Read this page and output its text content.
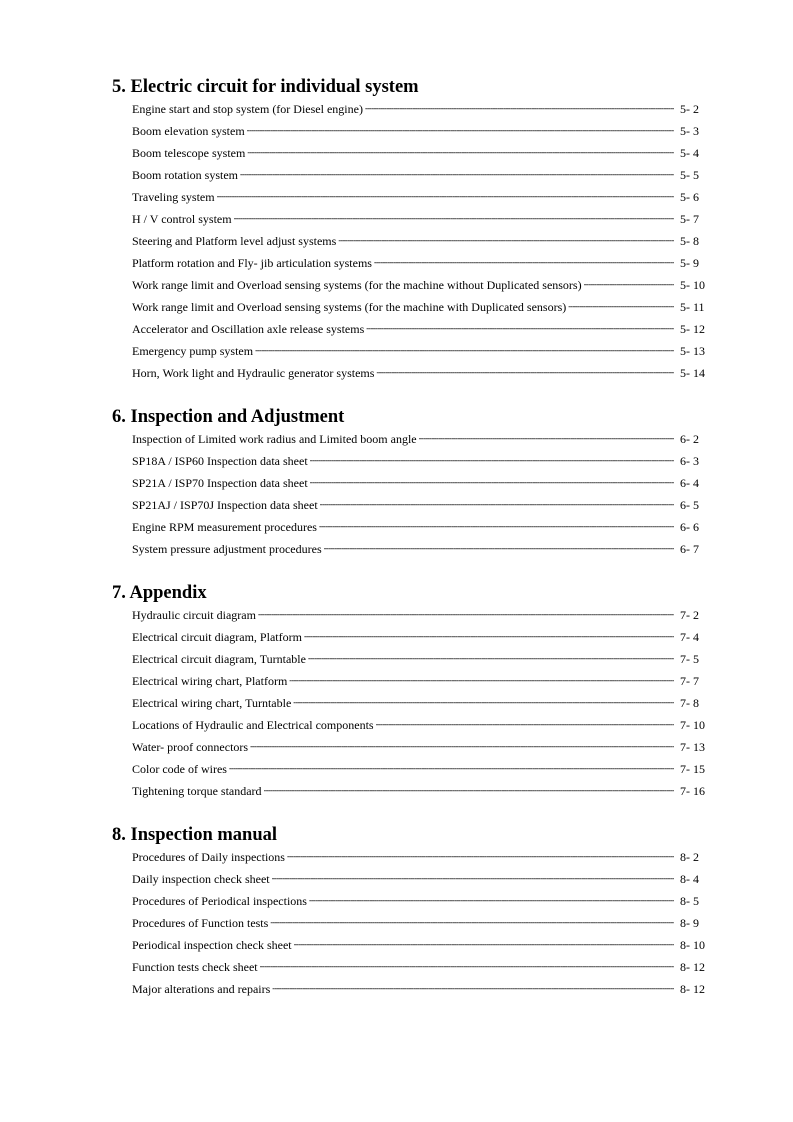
5. Electric circuit for individual system
Engine start and stop system (for Diesel engine) -----	5- 2
Boom elevation system -----	5- 3
Boom telescope system -----	5- 4
Boom rotation system -----	5- 5
Traveling system -----	5- 6
H / V control system -----	5- 7
Steering and Platform level adjust systems -----	5- 8
Platform rotation and Fly- jib articulation systems -----	5- 9
Work range limit and Overload sensing systems (for the machine without Duplicated sensors) -----	5- 10
Work range limit and Overload sensing systems (for the machine with Duplicated sensors) -----	5- 11
Accelerator and Oscillation axle release systems -----	5- 12
Emergency pump system -----	5- 13
Horn, Work light and Hydraulic generator systems -----	5- 14
6. Inspection and Adjustment
Inspection of Limited work radius and Limited boom angle -----	6- 2
SP18A / ISP60 Inspection data sheet -----	6- 3
SP21A / ISP70 Inspection data sheet -----	6- 4
SP21AJ / ISP70J Inspection data sheet -----	6- 5
Engine RPM measurement procedures -----	6- 6
System pressure adjustment procedures -----	6- 7
7. Appendix
Hydraulic circuit diagram -----	7- 2
Electrical circuit diagram, Platform -----	7- 4
Electrical circuit diagram, Turntable -----	7- 5
Electrical wiring chart, Platform -----	7- 7
Electrical wiring chart, Turntable -----	7- 8
Locations of Hydraulic and Electrical components -----	7- 10
Water- proof connectors -----	7- 13
Color code of wires -----	7- 15
Tightening torque standard -----	7- 16
8. Inspection manual
Procedures of Daily inspections -----	8- 2
Daily inspection check sheet -----	8- 4
Procedures of Periodical inspections -----	8- 5
Procedures of Function tests -----	8- 9
Periodical inspection check sheet -----	8- 10
Function tests check sheet -----	8- 12
Major alterations and repairs -----	8- 12
